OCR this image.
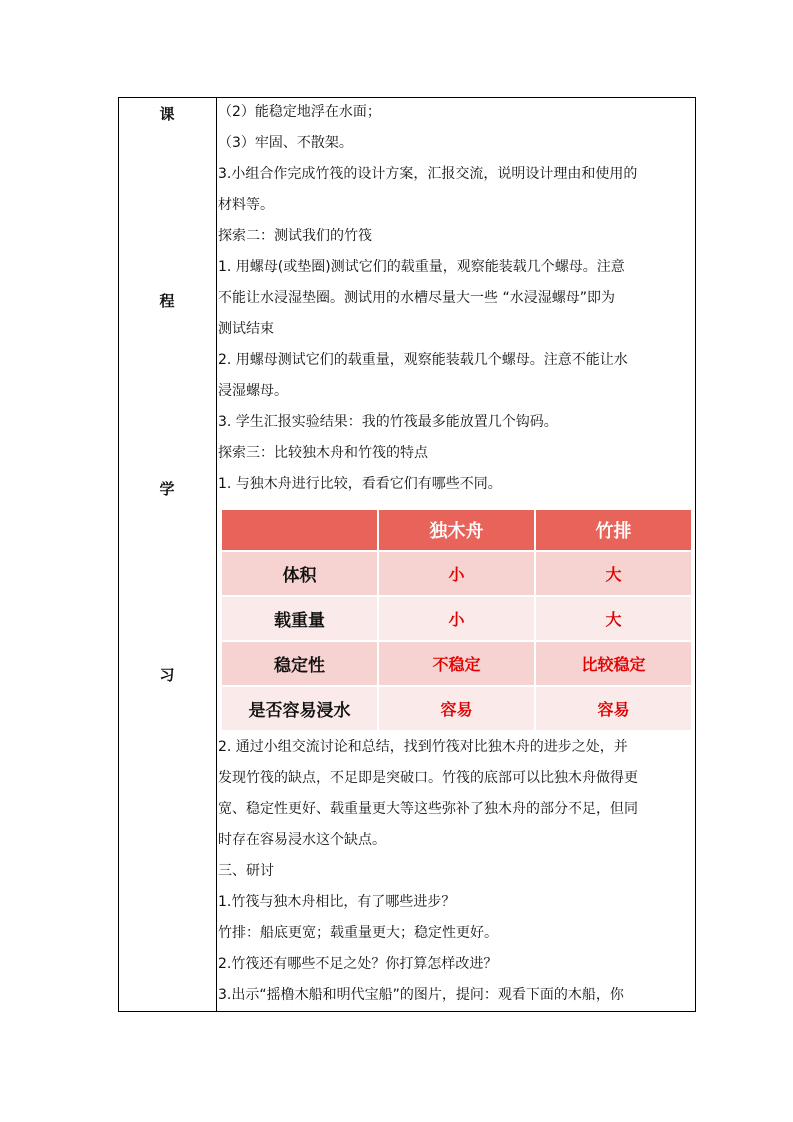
课
程
学
习

（2）能稳定地浮在水面；

（3）牢固、不散架。

3.小组合作完成竹筏的设计方案，汇报交流，说明设计理由和使用的

材料等。

探索二：测试我们的竹筏

1. 用螺母(或垫圈)测试它们的载重量，观察能装载几个螺母。注意

不能让水浸湿垫圈。测试用的水槽尽量大一些 “水浸湿螺母”即为

测试结束

2. 用螺母测试它们的载重量，观察能装载几个螺母。注意不能让水

浸湿螺母。

3. 学生汇报实验结果：我的竹筏最多能放置几个钩码。

探索三：比较独木舟和竹筏的特点

1. 与独木舟进行比较，看看它们有哪些不同。

	独木舟	竹排
体积	小	大
载重量	小	大
稳定性	不稳定	比较稳定
是否容易浸水	容易	容易

2. 通过小组交流讨论和总结，找到竹筏对比独木舟的进步之处，并

发现竹筏的缺点，不足即是突破口。竹筏的底部可以比独木舟做得更

宽、稳定性更好、载重量更大等这些弥补了独木舟的部分不足，但同

时存在容易浸水这个缺点。

三、研讨

1.竹筏与独木舟相比，有了哪些进步？

竹排：船底更宽；载重量更大；稳定性更好。

2.竹筏还有哪些不足之处？你打算怎样改进？

3.出示“摇橹木船和明代宝船”的图片，提问：观看下面的木船，你
